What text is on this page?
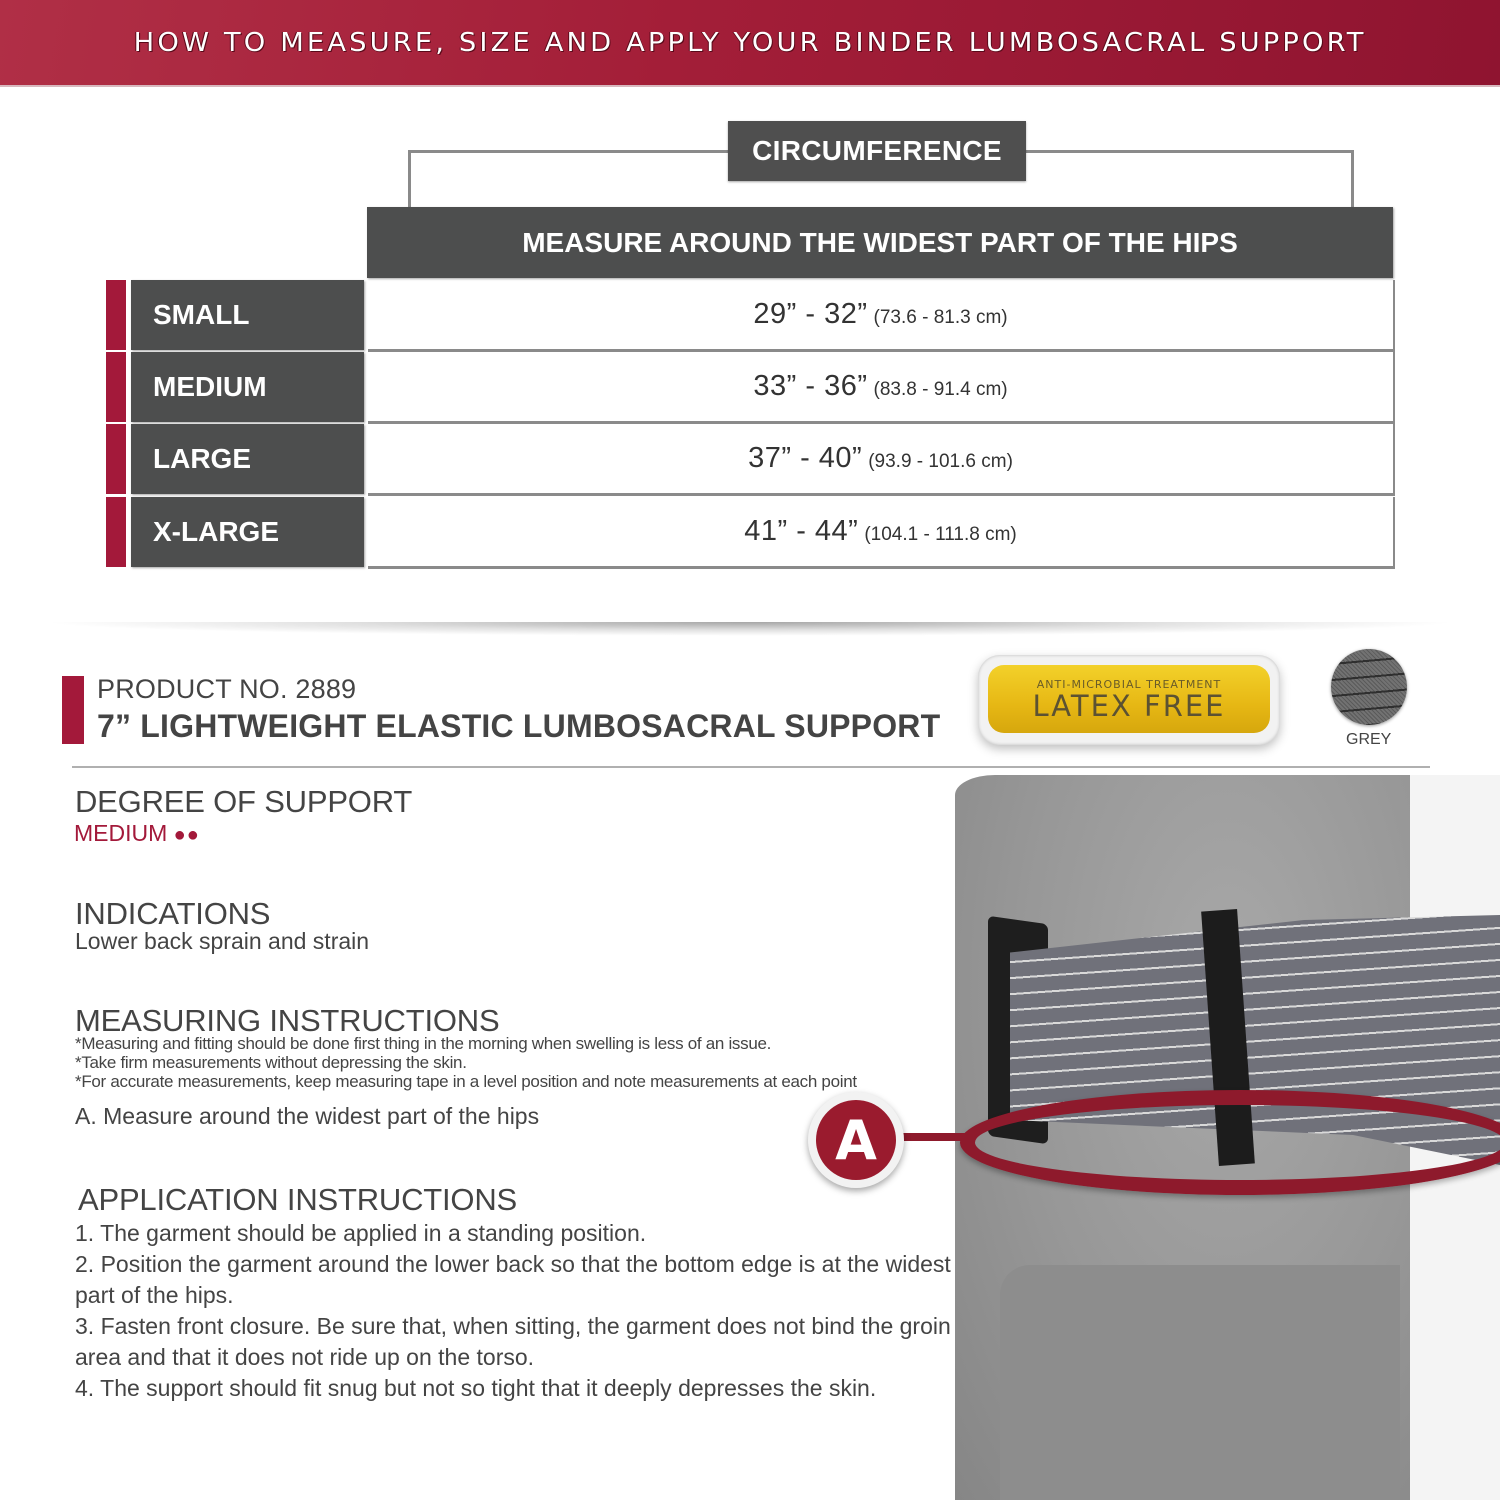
HOW TO MEASURE, SIZE AND APPLY YOUR BINDER LUMBOSACRAL SUPPORT
CIRCUMFERENCE
MEASURE AROUND THE WIDEST PART OF THE HIPS
SMALL	29” - 32” (73.6 - 81.3 cm)
MEDIUM	33” - 36” (83.8 - 91.4 cm)
LARGE	37” - 40” (93.9 - 101.6 cm)
X-LARGE	41” - 44” (104.1 - 111.8 cm)
PRODUCT NO. 2889
7” LIGHTWEIGHT ELASTIC LUMBOSACRAL SUPPORT
ANTI-MICROBIAL TREATMENT
LATEX FREE
GREY
A
DEGREE OF SUPPORT
MEDIUM ●●
INDICATIONS
Lower back sprain and strain
MEASURING INSTRUCTIONS
*Measuring and fitting should be done first thing in the morning when swelling is less of an issue.
*Take firm measurements without depressing the skin.
*For accurate measurements, keep measuring tape in a level position and note measurements at each point
A. Measure around the widest part of the hips
APPLICATION INSTRUCTIONS
1. The garment should be applied in a standing position.
2. Position the garment around the lower back so that the bottom edge is at the widest part of the hips.
3. Fasten front closure. Be sure that, when sitting, the garment does not bind the groin area and that it does not ride up on the torso.
4. The support should fit snug but not so tight that it deeply depresses the skin.
